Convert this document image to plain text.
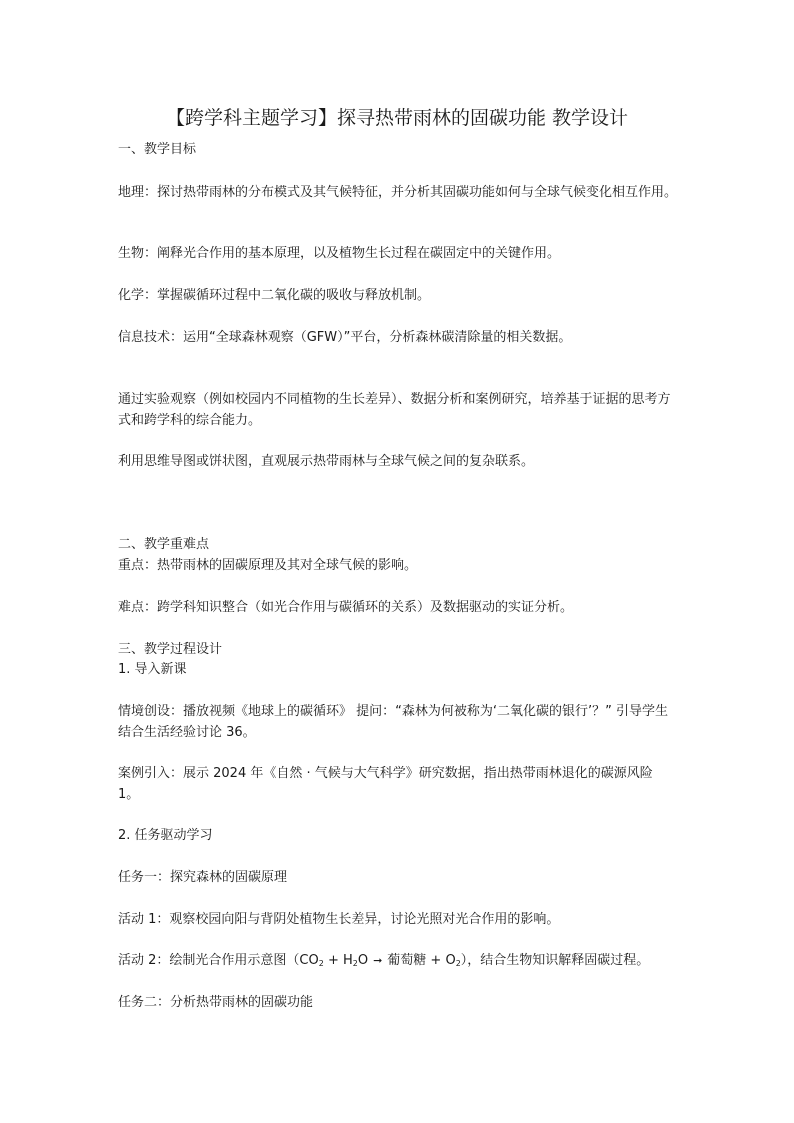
【跨学科主题学习】探寻热带雨林的固碳功能 教学设计
一、教学目标
地理：探讨热带雨林的分布模式及其气候特征，并分析其固碳功能如何与全球气候变化相互作用。
生物：阐释光合作用的基本原理，以及植物生长过程在碳固定中的关键作用。
化学：掌握碳循环过程中二氧化碳的吸收与释放机制。
信息技术：运用“全球森林观察（GFW）”平台，分析森林碳清除量的相关数据。
通过实验观察（例如校园内不同植物的生长差异）、数据分析和案例研究，培养基于证据的思考方式和跨学科的综合能力。
利用思维导图或饼状图，直观展示热带雨林与全球气候之间的复杂联系。
二、教学重难点
重点：热带雨林的固碳原理及其对全球气候的影响。
难点：跨学科知识整合（如光合作用与碳循环的关系）及数据驱动的实证分析。
三、教学过程设计
1. 导入新课
情境创设：播放视频《地球上的碳循环》 提问：“森林为何被称为‘二氧化碳的银行’？” 引导学生结合生活经验讨论 36。
案例引入：展示 2024 年《自然 · 气候与大气科学》研究数据，指出热带雨林退化的碳源风险 1。
2. 任务驱动学习
任务一：探究森林的固碳原理
活动 1：观察校园向阳与背阴处植物生长差异，讨论光照对光合作用的影响。
活动 2：绘制光合作用示意图（$CO_2 + H_2O$ ➞ 葡萄糖 + $O_2$），结合生物知识解释固碳过程。
任务二：分析热带雨林的固碳功能
